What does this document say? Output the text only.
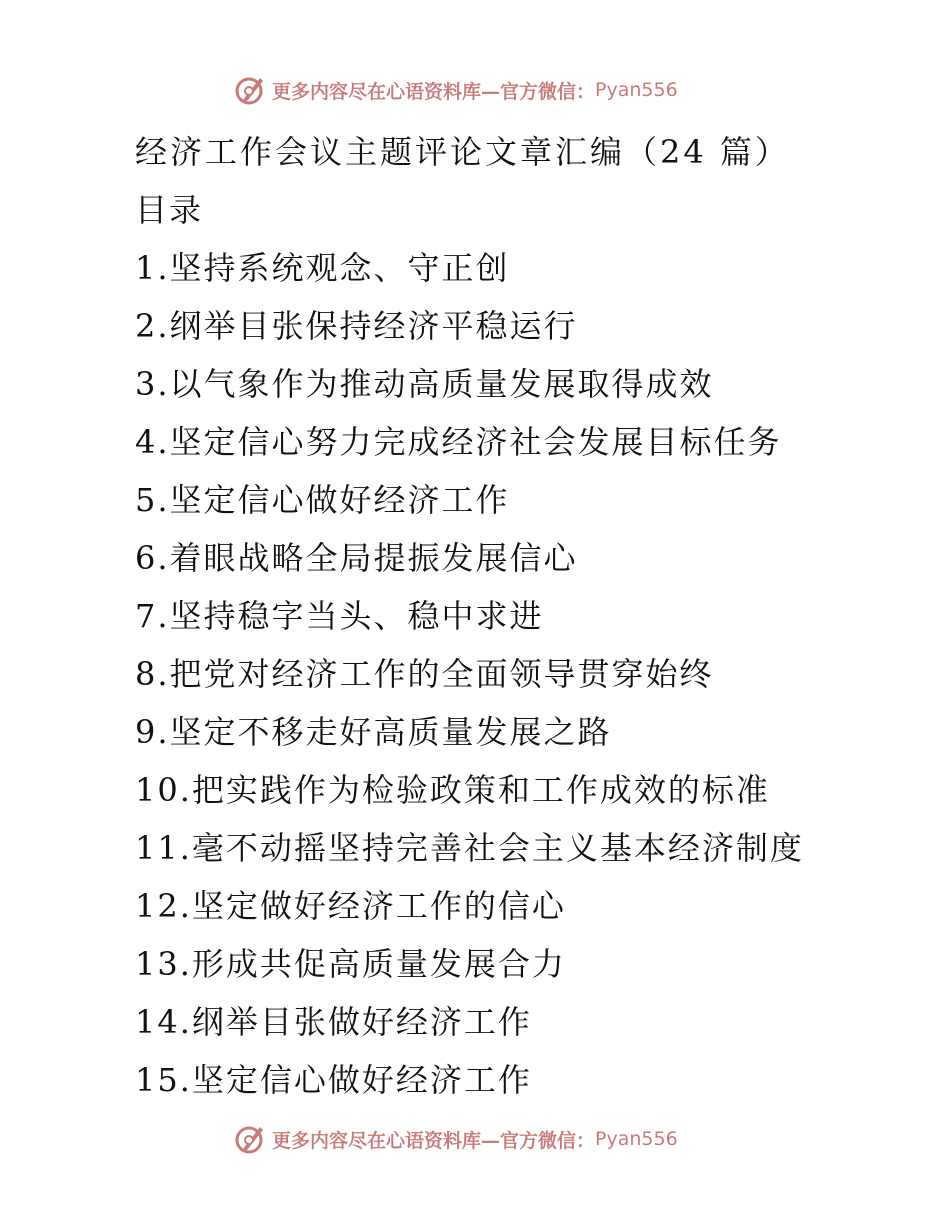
更多内容尽在心语资料库—官方微信： Pyan556
经济工作会议主题评论文章汇编（24 篇）
目录
1.坚持系统观念、守正创
2.纲举目张保持经济平稳运行
3.以气象作为推动高质量发展取得成效
4.坚定信心努力完成经济社会发展目标任务
5.坚定信心做好经济工作
6.着眼战略全局提振发展信心
7.坚持稳字当头、稳中求进
8.把党对经济工作的全面领导贯穿始终
9.坚定不移走好高质量发展之路
10.把实践作为检验政策和工作成效的标准
11.毫不动摇坚持完善社会主义基本经济制度
12.坚定做好经济工作的信心
13.形成共促高质量发展合力
14.纲举目张做好经济工作
15.坚定信心做好经济工作
更多内容尽在心语资料库—官方微信： Pyan556
